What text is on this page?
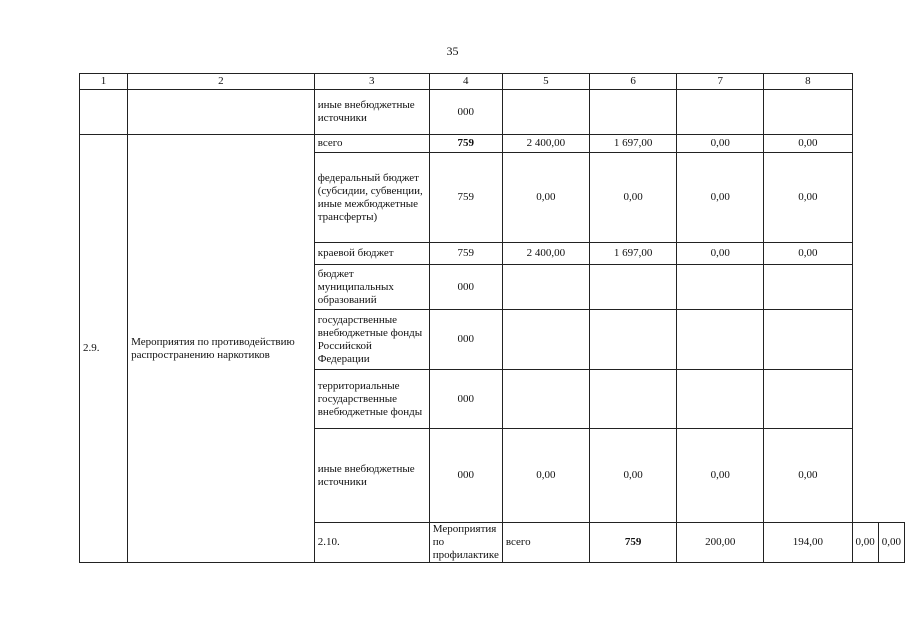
35
1	2	3	4	5	6	7	8		
		иные внебюджетные источники	000						
2.9.	Мероприятия по противодействию распространению наркотиков	всего	759	2 400,00	1 697,00	0,00	0,00		
		федеральный бюджет (субсидии, субвенции, иные межбюджетные трансферты)	759	0,00	0,00	0,00	0,00		
		краевой бюджет	759	2 400,00	1 697,00	0,00	0,00		
		бюджет муниципальных образований	000						
		государственные внебюджетные фонды Российской Федерации	000						
		территориальные государственные внебюджетные фонды	000						
		иные внебюджетные источники	000	0,00	0,00	0,00	0,00		
		2.10.	Мероприятия по профилактике	всего	759	200,00	194,00	0,00	0,00
